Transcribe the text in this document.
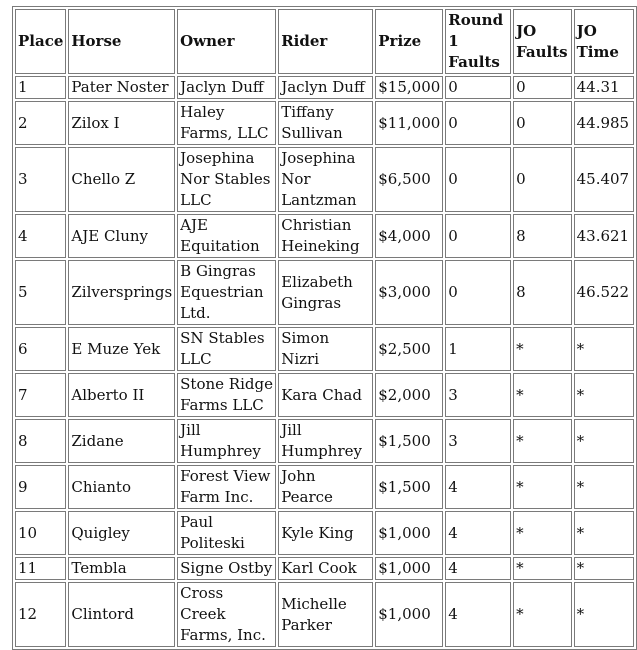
Place	Horse	Owner	Rider	Prize	Round 1 Faults	JO Faults	JO Time
1	Pater Noster	Jaclyn Duff	Jaclyn Duff	$15,000	0	0	44.31
2	Zilox I	Haley Farms, LLC	Tiffany Sullivan	$11,000	0	0	44.985
3	Chello Z	Josephina Nor Stables LLC	Josephina Nor Lantzman	$6,500	0	0	45.407
4	AJE Cluny	AJE Equitation	Christian Heineking	$4,000	0	8	43.621
5	Zilversprings	B Gingras Equestrian Ltd.	Elizabeth Gingras	$3,000	0	8	46.522
6	E Muze Yek	SN Stables LLC	Simon Nizri	$2,500	1	*	*
7	Alberto II	Stone Ridge Farms LLC	Kara Chad	$2,000	3	*	*
8	Zidane	Jill Humphrey	Jill Humphrey	$1,500	3	*	*
9	Chianto	Forest View Farm Inc.	John Pearce	$1,500	4	*	*
10	Quigley	Paul Politeski	Kyle King	$1,000	4	*	*
11	Tembla	Signe Ostby	Karl Cook	$1,000	4	*	*
12	Clintord	Cross Creek Farms, Inc.	Michelle Parker	$1,000	4	*	*
